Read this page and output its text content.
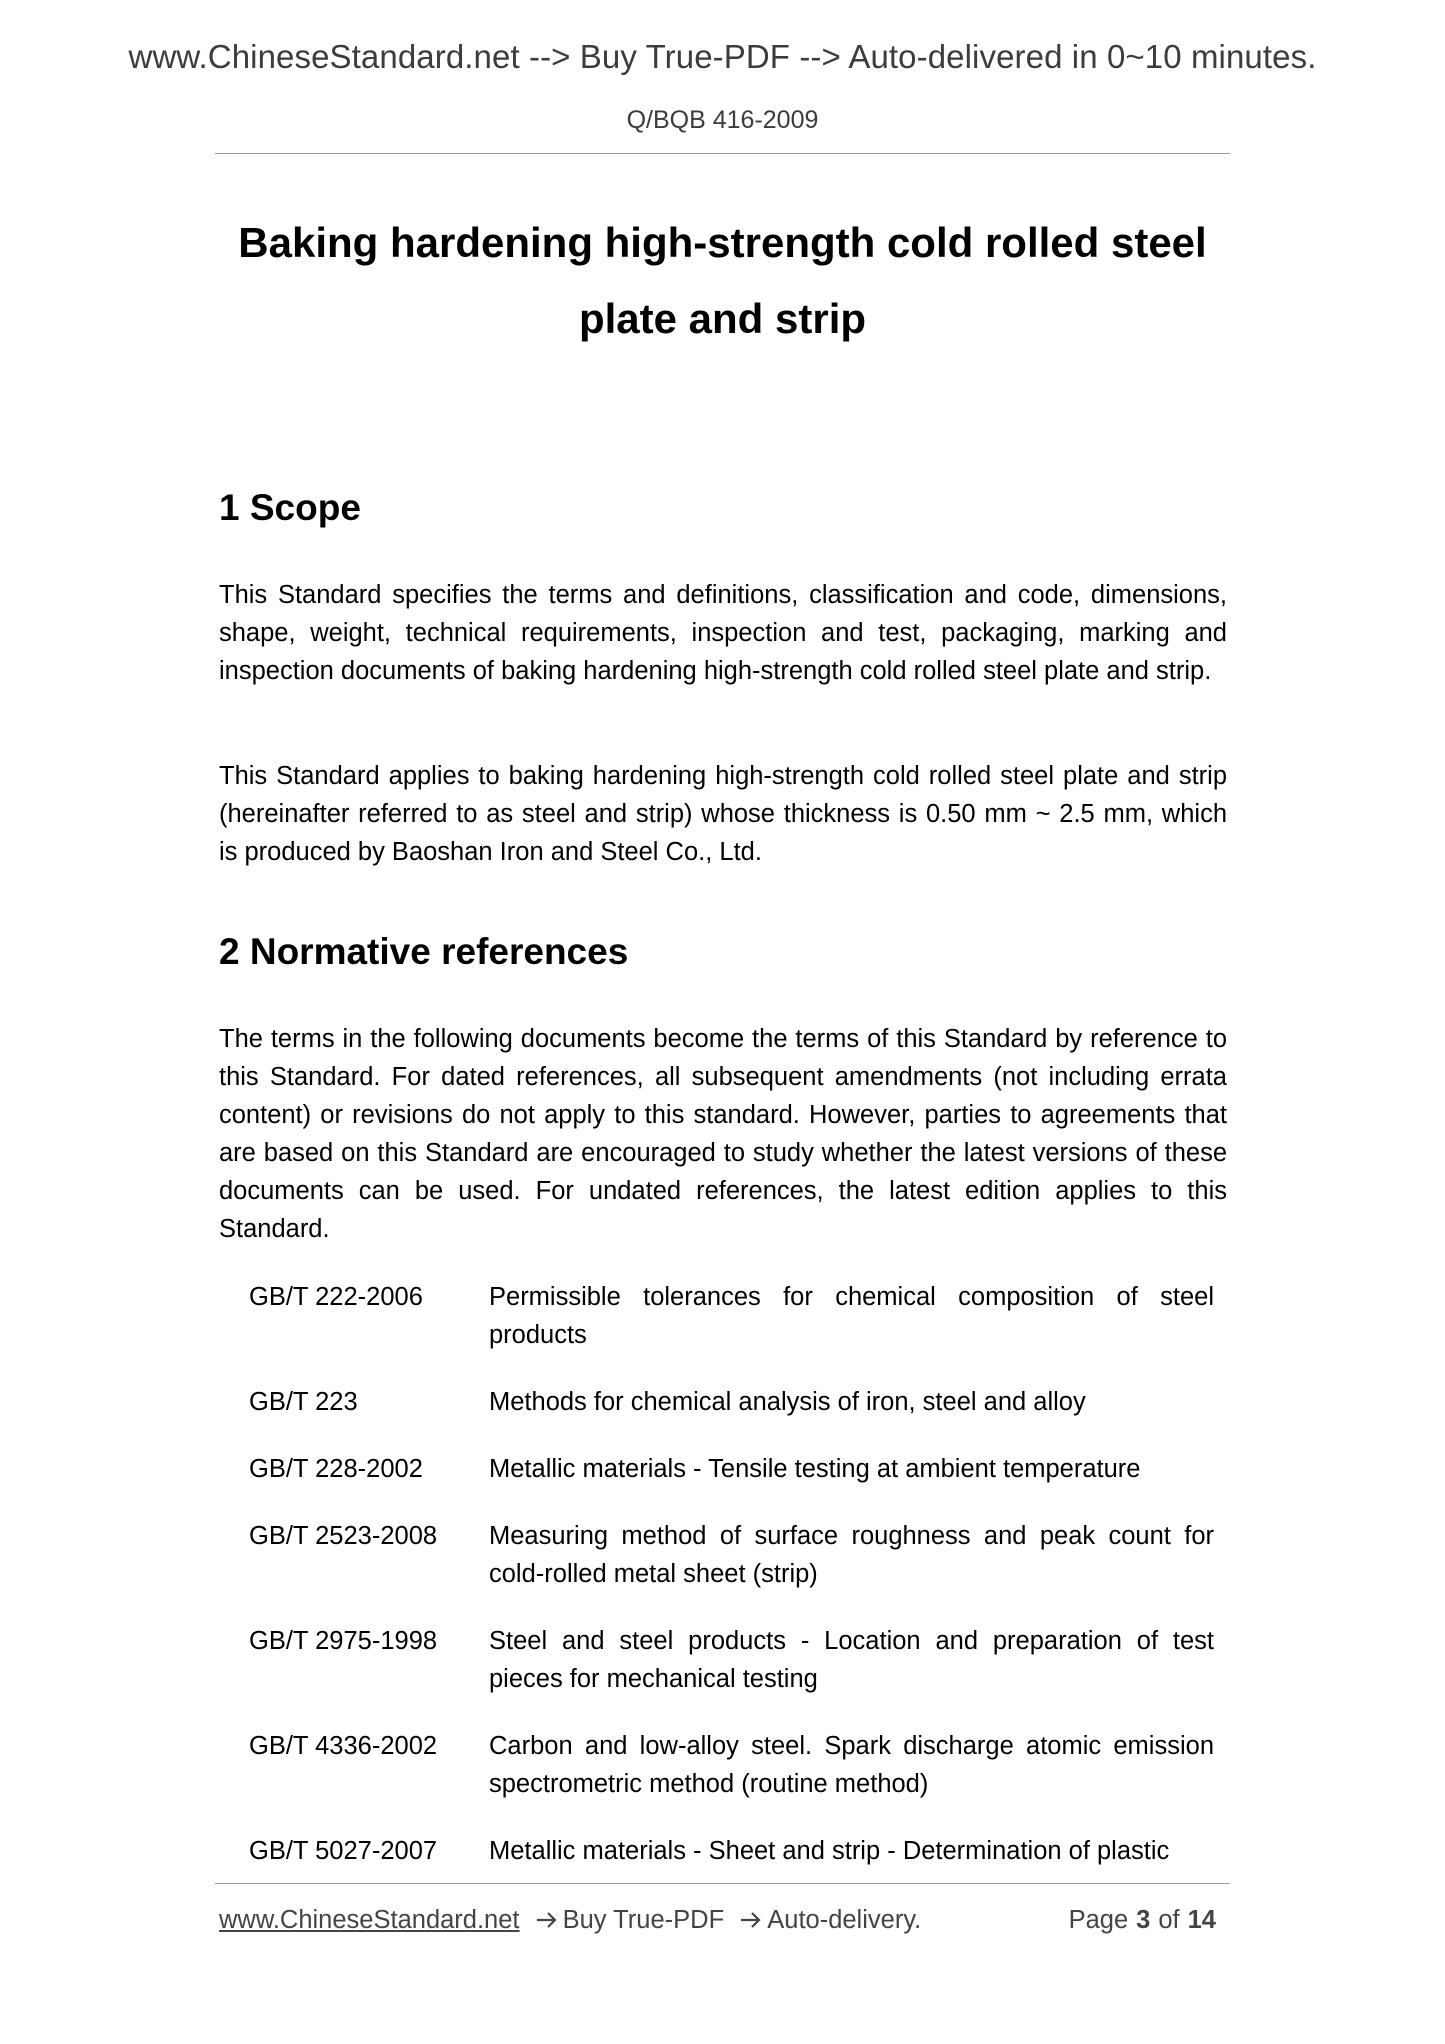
www.ChineseStandard.net --> Buy True-PDF --> Auto-delivered in 0~10 minutes.
Q/BQB 416-2009
Baking hardening high-strength cold rolled steel
plate and strip
1 Scope

This Standard specifies the terms and definitions, classification and code, dimensions, shape, weight, technical requirements, inspection and test, packaging, marking and inspection documents of baking hardening high-strength cold rolled steel plate and strip.

This Standard applies to baking hardening high-strength cold rolled steel plate and strip (hereinafter referred to as steel and strip) whose thickness is 0.50 mm ~ 2.5 mm, which is produced by Baoshan Iron and Steel Co., Ltd.

2 Normative references

The terms in the following documents become the terms of this Standard by reference to this Standard. For dated references, all subsequent amendments (not including errata content) or revisions do not apply to this standard. However, parties to agreements that are based on this Standard are encouraged to study whether the latest versions of these documents can be used. For undated references, the latest edition applies to this Standard.

GB/T 222-2006	Permissible tolerances for chemical composition of steel products
GB/T 223	Methods for chemical analysis of iron, steel and alloy
GB/T 228-2002	Metallic materials - Tensile testing at ambient temperature
GB/T 2523-2008	Measuring method of surface roughness and peak count for cold-rolled metal sheet (strip)
GB/T 2975-1998	Steel and steel products - Location and preparation of test pieces for mechanical testing
GB/T 4336-2002	Carbon and low-alloy steel. Spark discharge atomic emission spectrometric method (routine method)
GB/T 5027-2007	Metallic materials - Sheet and strip - Determination of plastic
www.ChineseStandard.net Buy True-PDF Auto-delivery.	Page 3 of 14
